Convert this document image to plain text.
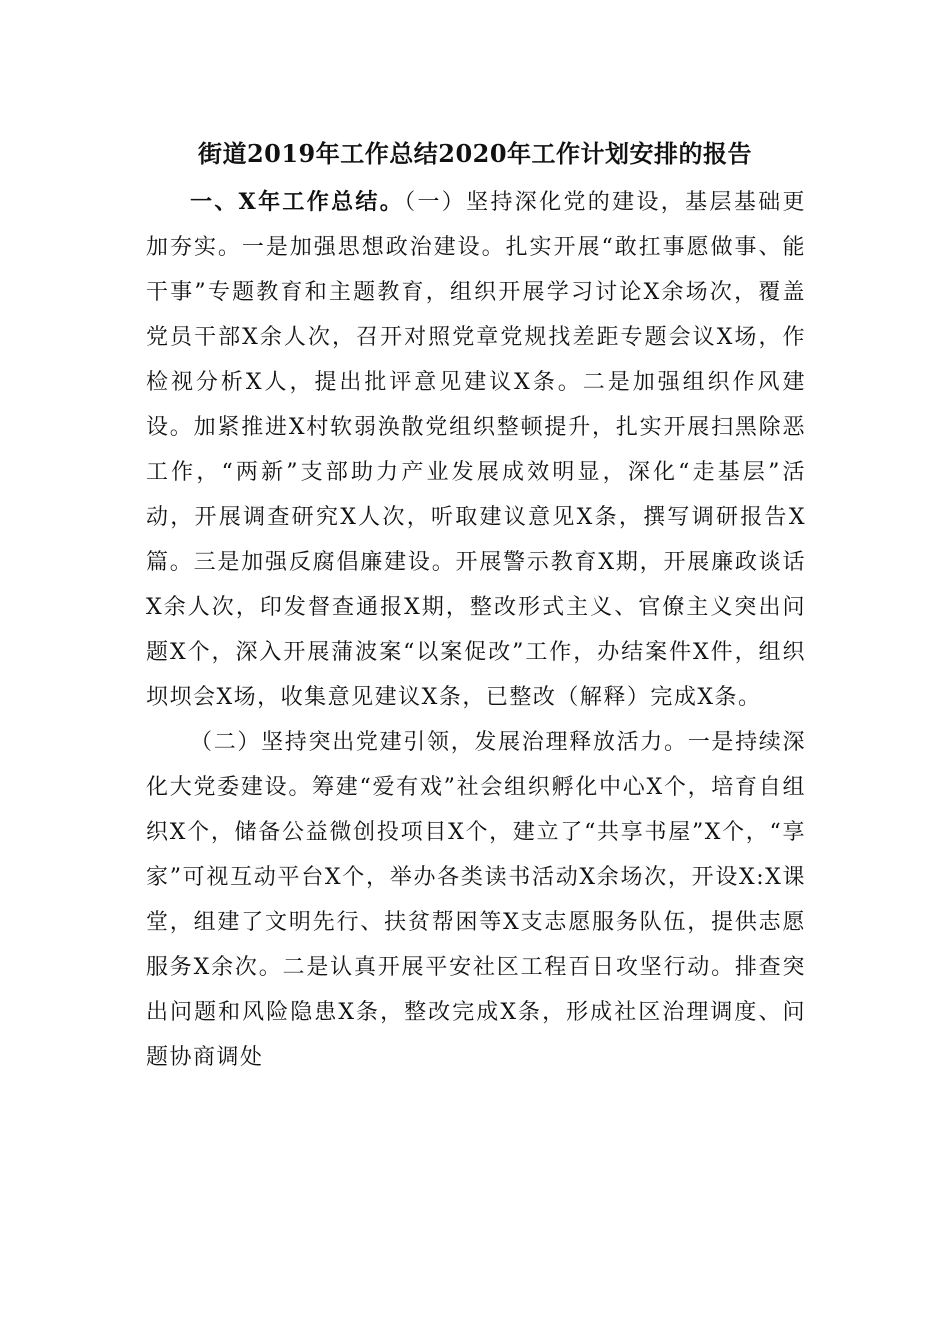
街道2019年工作总结2020年工作计划安排的报告

一、X年工作总结。（一）坚持深化党的建设，基层基础更加夯实。一是加强思想政治建设。扎实开展“敢扛事愿做事、能干事”专题教育和主题教育，组织开展学习讨论X余场次，覆盖党员干部X余人次，召开对照党章党规找差距专题会议X场，作检视分析X人，提出批评意见建议X条。二是加强组织作风建设。加紧推进X村软弱涣散党组织整顿提升，扎实开展扫黑除恶工作，“两新”支部助力产业发展成效明显，深化“走基层”活动，开展调查研究X人次，听取建议意见X条，撰写调研报告X篇。三是加强反腐倡廉建设。开展警示教育X期，开展廉政谈话X余人次，印发督查通报X期，整改形式主义、官僚主义突出问题X个，深入开展蒲波案“以案促改”工作，办结案件X件，组织坝坝会X场，收集意见建议X条，已整改（解释）完成X条。

（二）坚持突出党建引领，发展治理释放活力。一是持续深化大党委建设。筹建“爱有戏”社会组织孵化中心X个，培育自组织X个，储备公益微创投项目X个，建立了“共享书屋”X个，“享家”可视互动平台X个，举办各类读书活动X余场次，开设X:X课堂，组建了文明先行、扶贫帮困等X支志愿服务队伍，提供志愿服务X余次。二是认真开展平安社区工程百日攻坚行动。排查突出问题和风险隐患X条，整改完成X条，形成社区治理调度、问题协商调处
